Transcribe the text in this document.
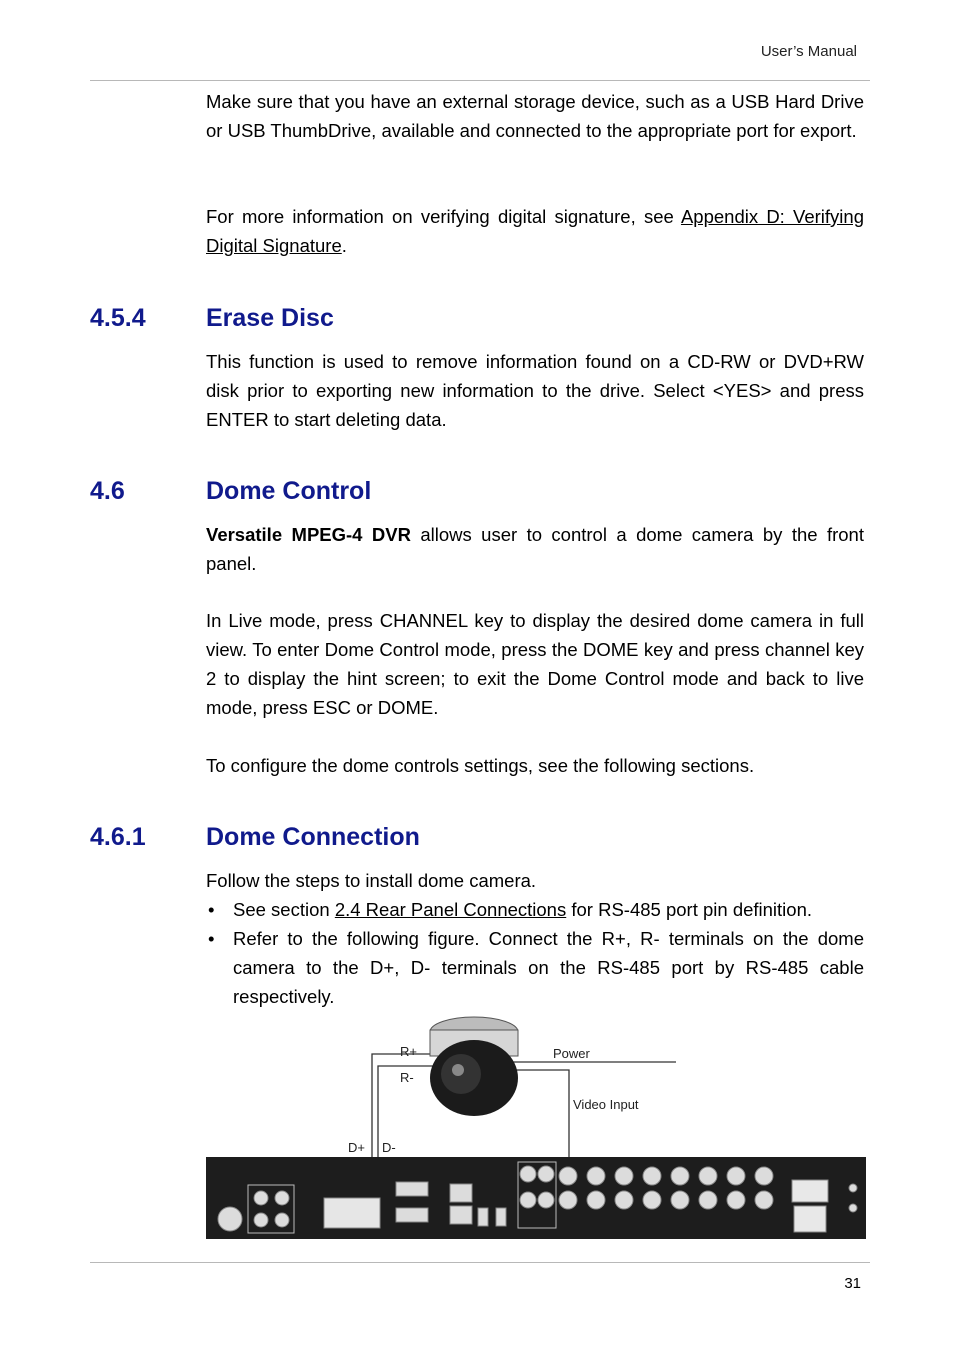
User’s Manual

Make sure that you have an external storage device, such as a USB Hard Drive or USB ThumbDrive, available and connected to the appropriate port for export.

For more information on verifying digital signature, see Appendix D: Verifying Digital Signature.

4.5.4 Erase Disc

This function is used to remove information found on a CD-RW or DVD+RW disk prior to exporting new information to the drive. Select <YES> and press ENTER to start deleting data.

4.6	Dome Control

Versatile MPEG-4 DVR allows user to control a dome camera by the front panel.

In Live mode, press CHANNEL key to display the desired dome camera in full view. To enter Dome Control mode, press the DOME key and press channel key 2 to display the hint screen; to exit the Dome Control mode and back to live mode, press ESC or DOME.

To configure the dome controls settings, see the following sections.

4.6.1 Dome Connection

Follow the steps to install dome camera.

• See section 2.4 Rear Panel Connections for RS-485 port pin definition.
• Refer to the following figure. Connect the R+, R- terminals on the dome camera to the D+, D- terminals on the RS-485 port by RS-485 cable respectively.
R+
R-
Power
Video Input
D+ D-
31
